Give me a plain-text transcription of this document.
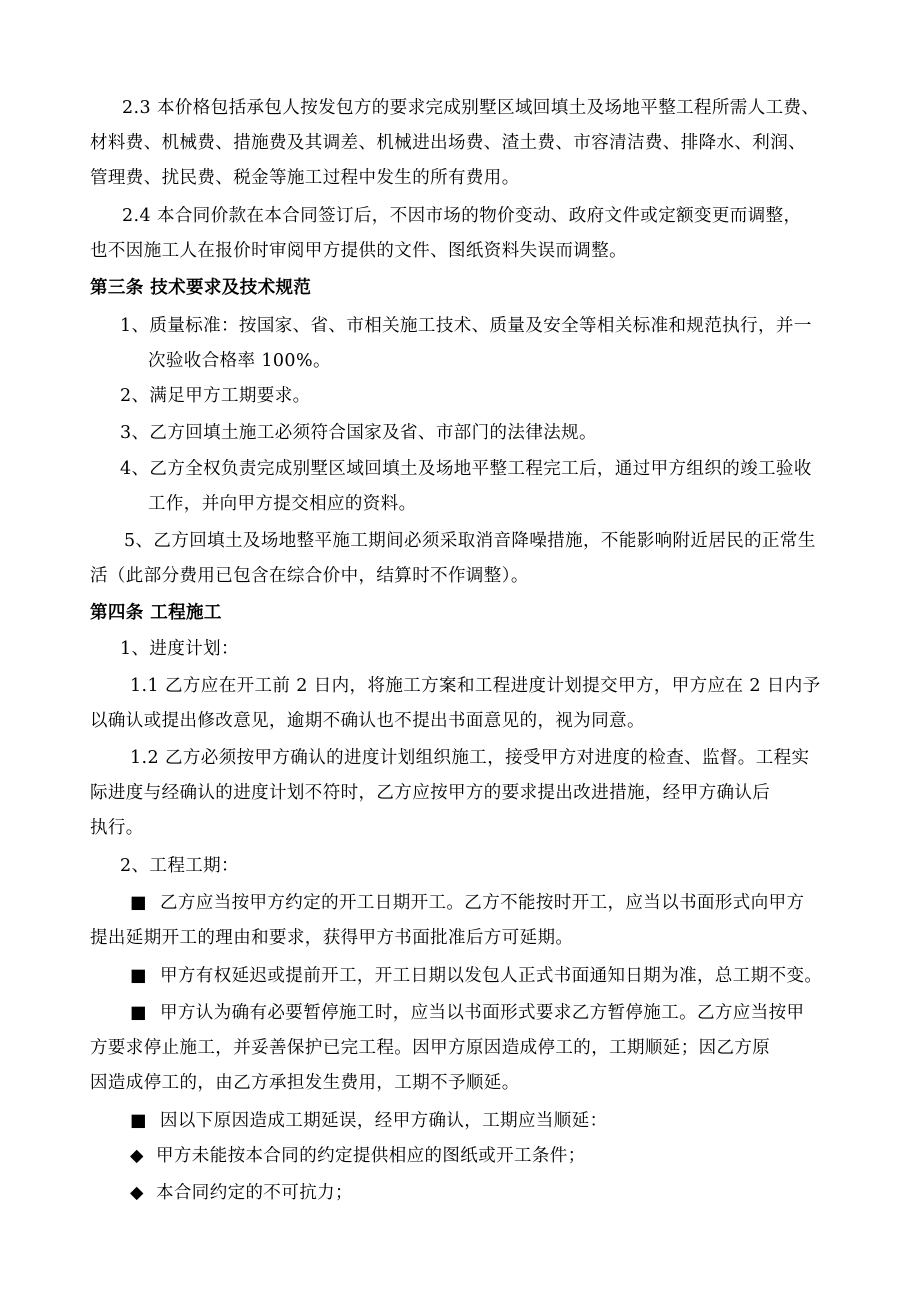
2.3 本价格包括承包人按发包方的要求完成别墅区域回填土及场地平整工程所需人工费、
材料费、机械费、措施费及其调差、机械进出场费、渣土费、市容清洁费、排降水、利润、
管理费、扰民费、税金等施工过程中发生的所有费用。
2.4 本合同价款在本合同签订后，不因市场的物价变动、政府文件或定额变更而调整，
也不因施工人在报价时审阅甲方提供的文件、图纸资料失误而调整。
第三条 技术要求及技术规范
1、质量标准：按国家、省、市相关施工技术、质量及安全等相关标准和规范执行，并一
次验收合格率 100%。
2、满足甲方工期要求。
3、乙方回填土施工必须符合国家及省、市部门的法律法规。
4、乙方全权负责完成别墅区域回填土及场地平整工程完工后，通过甲方组织的竣工验收
工作，并向甲方提交相应的资料。
5、乙方回填土及场地整平施工期间必须采取消音降噪措施，不能影响附近居民的正常生
活（此部分费用已包含在综合价中，结算时不作调整）。
第四条 工程施工
1、进度计划：
1.1 乙方应在开工前 2 日内，将施工方案和工程进度计划提交甲方，甲方应在 2 日内予
以确认或提出修改意见，逾期不确认也不提出书面意见的，视为同意。
1.2 乙方必须按甲方确认的进度计划组织施工，接受甲方对进度的检查、监督。工程实
际进度与经确认的进度计划不符时，乙方应按甲方的要求提出改进措施，经甲方确认后
执行。
2、工程工期：
■ 乙方应当按甲方约定的开工日期开工。乙方不能按时开工，应当以书面形式向甲方
提出延期开工的理由和要求，获得甲方书面批准后方可延期。
■ 甲方有权延迟或提前开工，开工日期以发包人正式书面通知日期为准，总工期不变。
■ 甲方认为确有必要暂停施工时，应当以书面形式要求乙方暂停施工。乙方应当按甲
方要求停止施工，并妥善保护已完工程。因甲方原因造成停工的，工期顺延；因乙方原
因造成停工的，由乙方承担发生费用，工期不予顺延。
■ 因以下原因造成工期延误，经甲方确认，工期应当顺延：
◆ 甲方未能按本合同的约定提供相应的图纸或开工条件；
◆ 本合同约定的不可抗力；
